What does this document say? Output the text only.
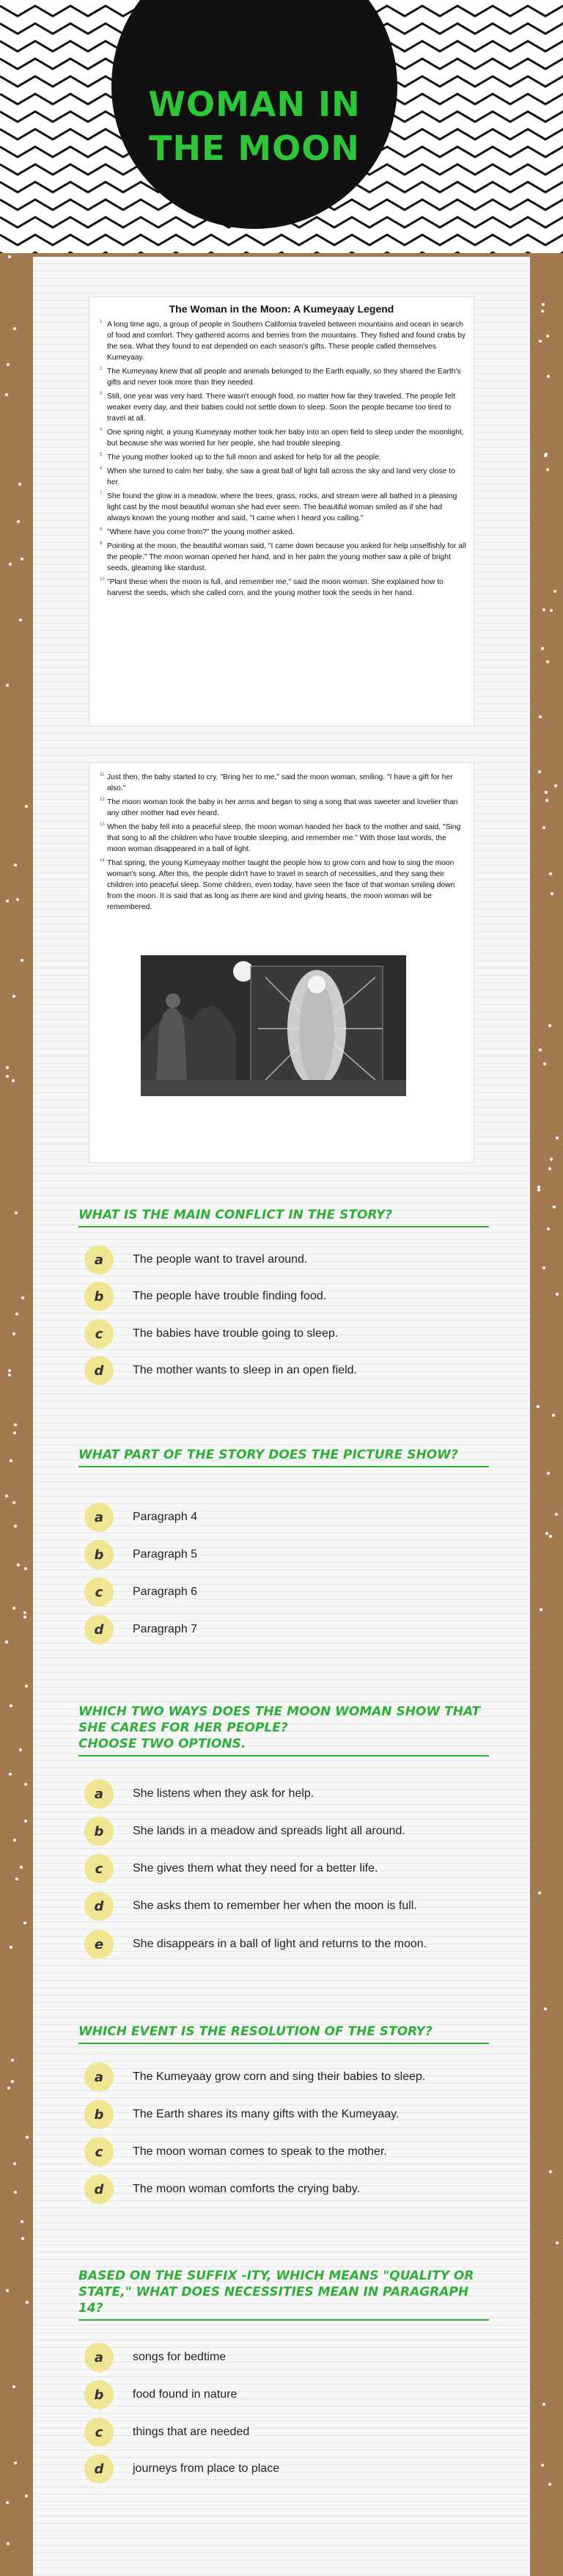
WOMAN IN THE MOON
The Woman in the Moon: A Kumeyaay Legend

1 A long time ago, a group of people in Southern California traveled between mountains and ocean in search of food and comfort. They gathered acorns and berries from the mountains. They fished and found crabs by the sea. What they found to eat depended on each season's gifts. These people called themselves Kumeyaay.

2 The Kumeyaay knew that all people and animals belonged to the Earth equally, so they shared the Earth's gifts and never took more than they needed.

3 Still, one year was very hard. There wasn't enough food, no matter how far they traveled. The people felt weaker every day, and their babies could not settle down to sleep. Soon the people became too tired to travel at all.

4 One spring night, a young Kumeyaay mother took her baby into an open field to sleep under the moonlight, but because she was worried for her people, she had trouble sleeping.

5 The young mother looked up to the full moon and asked for help for all the people.

6 When she turned to calm her baby, she saw a great ball of light fall across the sky and land very close to her.

7 She found the glow in a meadow, where the trees, grass, rocks, and stream were all bathed in a pleasing light cast by the most beautiful woman she had ever seen. The beautiful woman smiled as if she had always known the young mother and said, "I came when I heard you calling."

8 "Where have you come from?" the young mother asked.

9 Pointing at the moon, the beautiful woman said, "I came down because you asked for help unselfishly for all the people." The moon woman opened her hand, and in her palm the young mother saw a pile of bright seeds, gleaming like stardust.

10 "Plant these when the moon is full, and remember me," said the moon woman. She explained how to harvest the seeds, which she called corn, and the young mother took the seeds in her hand.

11 Just then, the baby started to cry. "Bring her to me," said the moon woman, smiling. "I have a gift for her also."

12 The moon woman took the baby in her arms and began to sing a song that was sweeter and lovelier than any other mother had ever heard.

13 When the baby fell into a peaceful sleep, the moon woman handed her back to the mother and said, "Sing that song to all the children who have trouble sleeping, and remember me." With those last words, the moon woman disappeared in a ball of light.

14 That spring, the young Kumeyaay mother taught the people how to grow corn and how to sing the moon woman's song. After this, the people didn't have to travel in search of necessities, and they sang their children into peaceful sleep. Some children, even today, have seen the face of that woman smiling down from the moon. It is said that as long as there are kind and giving hearts, the moon woman will be remembered.

WHAT IS THE MAIN CONFLICT IN THE STORY?
a	The people want to travel around.
b	The people have trouble finding food.
c	The babies have trouble going to sleep.
d	The mother wants to sleep in an open field.
WHAT PART OF THE STORY DOES THE PICTURE SHOW?
a	Paragraph 4
b	Paragraph 5
c	Paragraph 6
d	Paragraph 7
WHICH TWO WAYS DOES THE MOON WOMAN SHOW THAT SHE CARES FOR HER PEOPLE?
CHOOSE TWO OPTIONS.
a	She listens when they ask for help.
b	She lands in a meadow and spreads light all around.
c	She gives them what they need for a better life.
d	She asks them to remember her when the moon is full.
e	She disappears in a ball of light and returns to the moon.
WHICH EVENT IS THE RESOLUTION OF THE STORY?
a	The Kumeyaay grow corn and sing their babies to sleep.
b	The Earth shares its many gifts with the Kumeyaay.
c	The moon woman comes to speak to the mother.
d	The moon woman comforts the crying baby.
BASED ON THE SUFFIX -ITY, WHICH MEANS "QUALITY OR STATE," WHAT DOES NECESSITIES MEAN IN PARAGRAPH 14?
a	songs for bedtime
b	food found in nature
c	things that are needed
d	journeys from place to place
